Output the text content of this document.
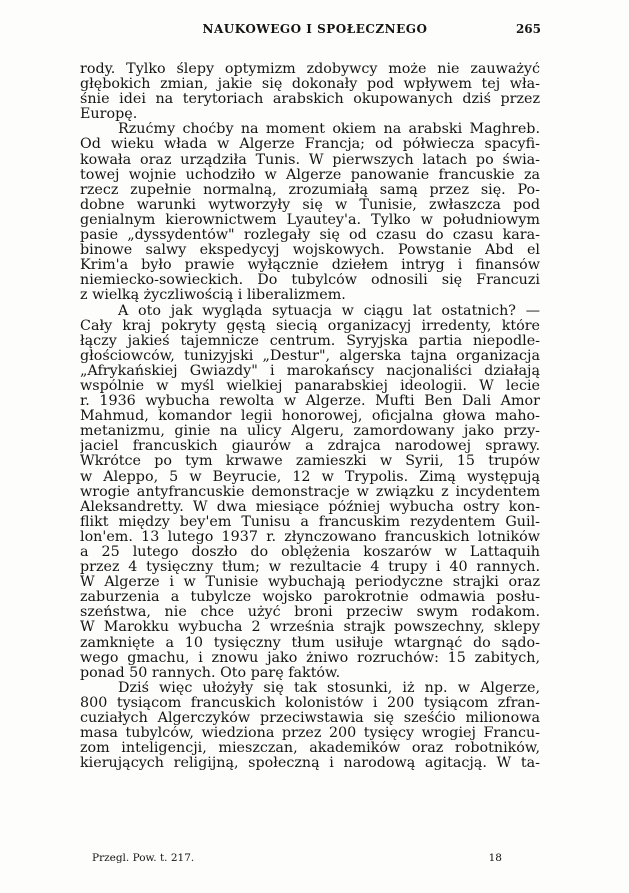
NAUKOWEGO I SPOŁECZNEGO	265
rody. Tylko ślepy optymizm zdobywcy może nie zauważyć
głębokich zmian, jakie się dokonały pod wpływem tej wła-
śnie idei na terytoriach arabskich okupowanych dziś przez
Europę.
Rzućmy choćby na moment okiem na arabski Maghreb.
Od wieku włada w Algerze Francja; od półwiecza spacyfi-
kowała oraz urządziła Tunis. W pierwszych latach po świa-
towej wojnie uchodziło w Algerze panowanie francuskie za
rzecz zupełnie normalną, zrozumiałą samą przez się. Po-
dobne warunki wytworzyły się w Tunisie, zwłaszcza pod
genialnym kierownictwem Lyautey'a. Tylko w południowym
pasie „dyssydentów" rozlegały się od czasu do czasu kara-
binowe salwy ekspedycyj wojskowych. Powstanie Abd el
Krim'a było prawie wyłącznie dziełem intryg i finansów
niemiecko-sowieckich. Do tubylców odnosili się Francuzi
z wielką życzliwością i liberalizmem.
A oto jak wygląda sytuacja w ciągu lat ostatnich? —
Cały kraj pokryty gęstą siecią organizacyj irredenty, które
łączy jakieś tajemnicze centrum. Syryjska partia niepodle-
głościowców, tunizyjski „Destur", algerska tajna organizacja
„Afrykańskiej Gwiazdy" i marokańscy nacjonaliści działają
wspólnie w myśl wielkiej panarabskiej ideologii. W lecie
r. 1936 wybucha rewolta w Algerze. Mufti Ben Dali Amor
Mahmud, komandor legii honorowej, oficjalna głowa maho-
metanizmu, ginie na ulicy Algeru, zamordowany jako przy-
jaciel francuskich giaurów a zdrajca narodowej sprawy.
Wkrótce po tym krwawe zamieszki w Syrii, 15 trupów
w Aleppo, 5 w Beyrucie, 12 w Trypolis. Zimą występują
wrogie antyfrancuskie demonstracje w związku z incydentem
Aleksandretty. W dwa miesiące później wybucha ostry kon-
flikt między bey'em Tunisu a francuskim rezydentem Guil-
lon'em. 13 lutego 1937 r. złynczowano francuskich lotników
a 25 lutego doszło do oblężenia koszarów w Lattaquih
przez 4 tysięczny tłum; w rezultacie 4 trupy i 40 rannych.
W Algerze i w Tunisie wybuchają periodyczne strajki oraz
zaburzenia a tubylcze wojsko parokrotnie odmawia posłu-
szeństwa, nie chce użyć broni przeciw swym rodakom.
W Marokku wybucha 2 września strajk powszechny, sklepy
zamknięte a 10 tysięczny tłum usiłuje wtargnąć do sądo-
wego gmachu, i znowu jako żniwo rozruchów: 15 zabitych,
ponad 50 rannych. Oto parę faktów.
Dziś więc ułożyły się tak stosunki, iż np. w Algerze,
800 tysiącom francuskich kolonistów i 200 tysiącom zfran-
cuziałych Algerczyków przeciwstawia się sześćio milionowa
masa tubylców, wiedziona przez 200 tysięcy wrogiej Francu-
zom inteligencji, mieszczan, akademików oraz robotników,
kierujących religijną, społeczną i narodową agitacją. W ta-
Przegl. Pow. t. 217.	18
